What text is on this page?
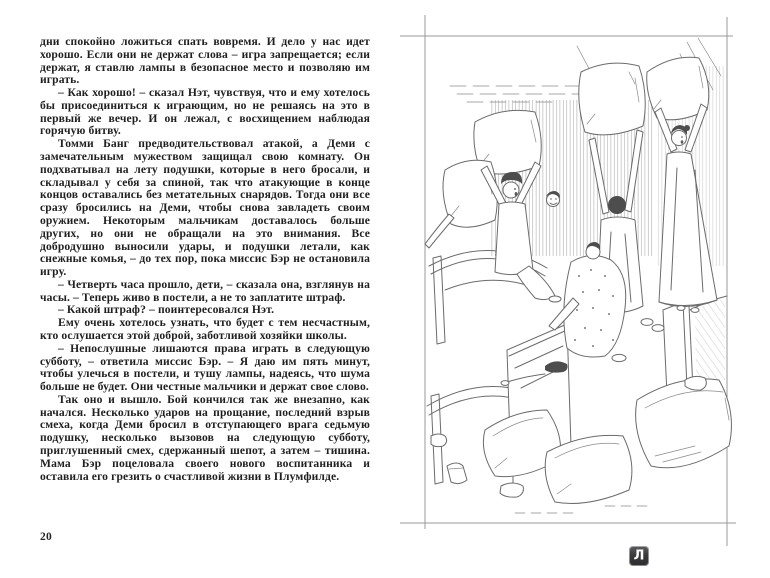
дни спокойно ложиться спать вовремя. И дело у нас идет хорошо. Если они не держат слова – игра запрещается; если держат, я ставлю лампы в безопасное место и позволяю им играть.

– Как хорошо! – сказал Нэт, чувствуя, что и ему хотелось бы присоединиться к играющим, но не решаясь на это в первый же вечер. И он лежал, с восхищением наблюдая горячую битву.

Томми Банг предводительствовал атакой, а Деми с замечательным мужеством защищал свою комнату. Он подхватывал на лету подушки, которые в него бросали, и складывал у себя за спиной, так что атакующие в конце концов оставались без метательных снарядов. Тогда они все сразу бросились на Деми, чтобы снова завладеть своим оружием. Некоторым мальчикам доставалось больше других, но они не обращали на это внимания. Все добродушно выносили удары, и подушки летали, как снежные комья, – до тех пор, пока миссис Бэр не остановила игру.

– Четверть часа прошло, дети, – сказала она, взглянув на часы. – Теперь живо в постели, а не то заплатите штраф.

– Какой штраф? – поинтересовался Нэт.

Ему очень хотелось узнать, что будет с тем несчастным, кто ослушается этой доброй, заботливой хозяйки школы.

– Непослушные лишаются права играть в следующую субботу, – ответила миссис Бэр. – Я даю им пять минут, чтобы улечься в постели, и тушу лампы, надеясь, что шума больше не будет. Они честные мальчики и держат свое слово.

Так оно и вышло. Бой кончился так же внезапно, как начался. Несколько ударов на прощание, последний взрыв смеха, когда Деми бросил в отступающего врага седьмую подушку, несколько вызовов на следующую субботу, приглушенный смех, сдержанный шепот, а затем – тишина. Мама Бэр поцеловала своего нового воспитанника и оставила его грезить о счастливой жизни в Плумфилде.

20
Л
